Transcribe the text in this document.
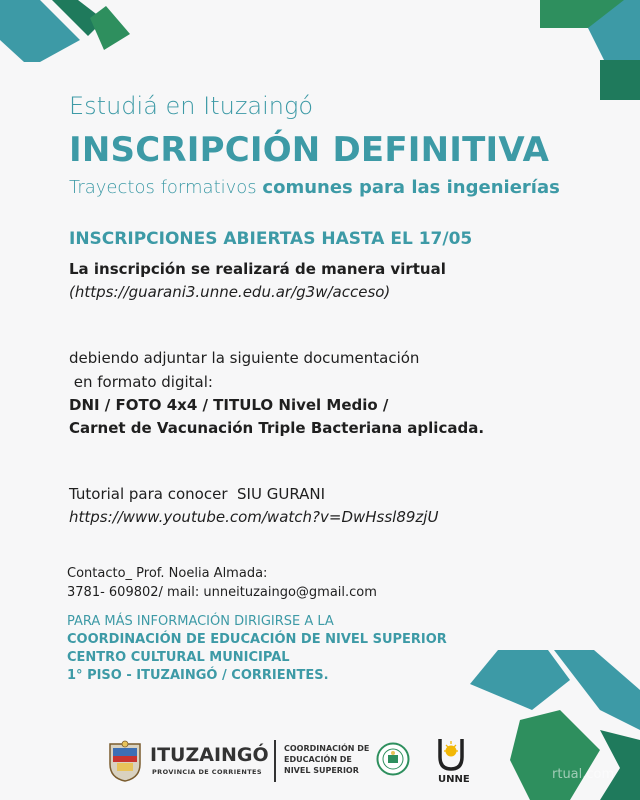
Estudiá en Ituzaingó
INSCRIPCIÓN DEFINITIVA
Trayectos formativos comunes para las ingenierías
INSCRIPCIONES ABIERTAS HASTA EL 17/05
La inscripción se realizará de manera virtual
(https://guarani3.unne.edu.ar/g3w/acceso)
debiendo adjuntar la siguiente documentación
en formato digital:
DNI / FOTO 4x4 / TITULO Nivel Medio /
Carnet de Vacunación Triple Bacteriana aplicada.
Tutorial para conocer  SIU GURANI
https://www.youtube.com/watch?v=DwHssl89zjU
Contacto_ Prof. Noelia Almada:
3781- 609802/ mail: unneituzaingo@gmail.com
PARA MÁS INFORMACIÓN DIRIGIRSE A LA
COORDINACIÓN DE EDUCACIÓN DE NIVEL SUPERIOR
CENTRO CULTURAL MUNICIPAL
1° PISO - ITUZAINGÓ / CORRIENTES.
ITUZAINGÓ
PROVINCIA DE CORRIENTES
COORDINACIÓN DE
EDUCACIÓN DE
NIVEL SUPERIOR
UNNE	rtual.com
